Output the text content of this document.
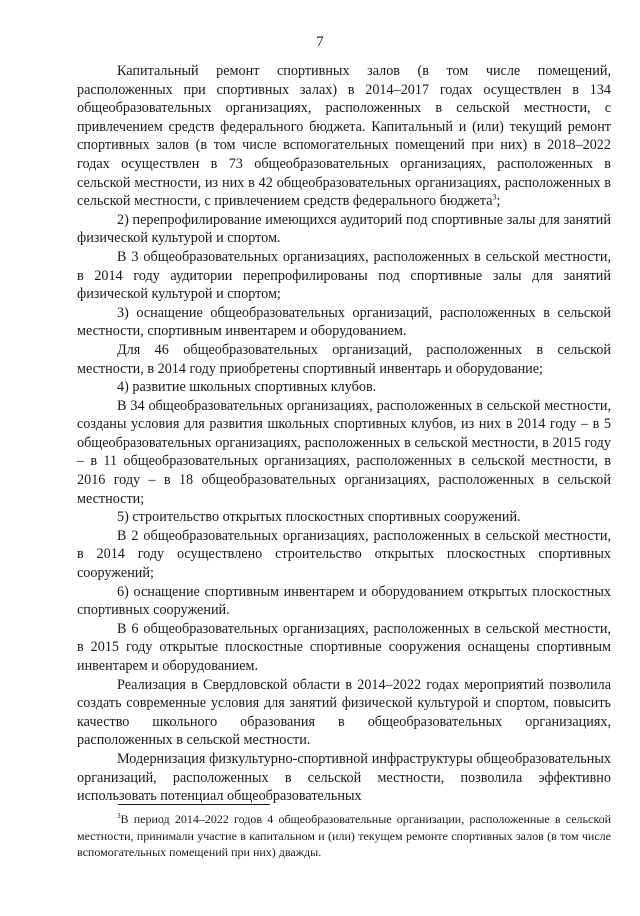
7

Капитальный ремонт спортивных залов (в том числе помещений, расположенных при спортивных залах) в 2014–2017 годах осуществлен в 134 общеобразовательных организациях, расположенных в сельской местности, с привлечением средств федерального бюджета. Капитальный и (или) текущий ремонт спортивных залов (в том числе вспомогательных помещений при них) в 2018–2022 годах осуществлен в 73 общеобразовательных организациях, расположенных в сельской местности, из них в 42 общеобразовательных организациях, расположенных в сельской местности, с привлечением средств федерального бюджета$^3$;

2) перепрофилирование имеющихся аудиторий под спортивные залы для занятий физической культурой и спортом.

В 3 общеобразовательных организациях, расположенных в сельской местности, в 2014 году аудитории перепрофилированы под спортивные залы для занятий физической культурой и спортом;

3) оснащение общеобразовательных организаций, расположенных в сельской местности, спортивным инвентарем и оборудованием.

Для 46 общеобразовательных организаций, расположенных в сельской местности, в 2014 году приобретены спортивный инвентарь и оборудование;

4) развитие школьных спортивных клубов.

В 34 общеобразовательных организациях, расположенных в сельской местности, созданы условия для развития школьных спортивных клубов, из них в 2014 году – в 5 общеобразовательных организациях, расположенных в сельской местности, в 2015 году – в 11 общеобразовательных организациях, расположенных в сельской местности, в 2016 году – в 18 общеобразовательных организациях, расположенных в сельской местности;

5) строительство открытых плоскостных спортивных сооружений.

В 2 общеобразовательных организациях, расположенных в сельской местности, в 2014 году осуществлено строительство открытых плоскостных спортивных сооружений;

6) оснащение спортивным инвентарем и оборудованием открытых плоскостных спортивных сооружений.

В 6 общеобразовательных организациях, расположенных в сельской местности, в 2015 году открытые плоскостные спортивные сооружения оснащены спортивным инвентарем и оборудованием.

Реализация в Свердловской области в 2014–2022 годах мероприятий позволила создать современные условия для занятий физической культурой и спортом, повысить качество школьного образования в общеобразовательных организациях, расположенных в сельской местности.

Модернизация физкультурно-спортивной инфраструктуры общеобразовательных организаций, расположенных в сельской местности, позволила эффективно использовать потенциал общеобразовательных

$^3$В период 2014–2022 годов 4 общеобразовательные организации, расположенные в сельской местности, принимали участие в капитальном и (или) текущем ремонте спортивных залов (в том числе вспомогательных помещений при них) дважды.
